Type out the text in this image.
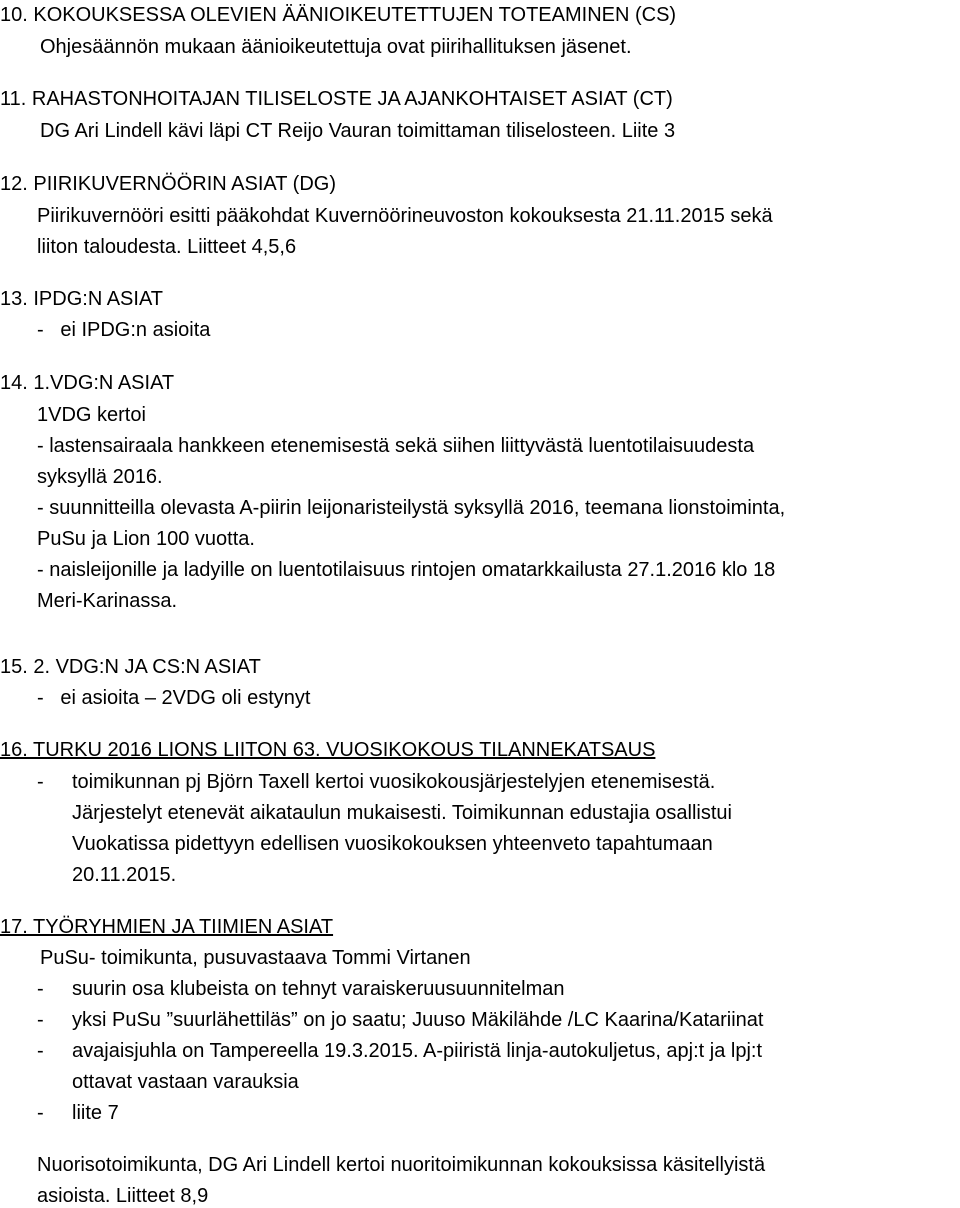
10. KOKOUKSESSA OLEVIEN ÄÄNIOIKEUTETTUJEN TOTEAMINEN (CS)
Ohjesäännön mukaan äänioikeutettuja ovat piirihallituksen jäsenet.
11. RAHASTONHOITAJAN TILISELOSTE JA AJANKOHTAISET ASIAT (CT)
DG Ari Lindell kävi läpi CT Reijo Vauran toimittaman tiliselosteen. Liite 3
12. PIIRIKUVERNÖÖRIN ASIAT (DG)
Piirikuvernööri esitti pääkohdat Kuvernöörineuvoston kokouksesta 21.11.2015 sekä
liiton taloudesta. Liitteet 4,5,6
13. IPDG:N ASIAT
-   ei IPDG:n asioita
14. 1.VDG:N ASIAT
1VDG kertoi
- lastensairaala hankkeen etenemisestä sekä siihen liittyvästä luentotilaisuudesta
syksyllä 2016.
- suunnitteilla olevasta A-piirin leijonaristeilystä syksyllä 2016, teemana lionstoiminta,
PuSu ja Lion 100 vuotta.
- naisleijonille ja ladyille on luentotilaisuus rintojen omatarkkailusta 27.1.2016 klo 18
Meri-Karinassa.
15. 2. VDG:N JA CS:N ASIAT
-   ei asioita – 2VDG oli estynyt
16. TURKU 2016 LIONS LIITON 63. VUOSIKOKOUS TILANNEKATSAUS
- toimikunnan pj Björn Taxell kertoi vuosikokousjärjestelyjen etenemisestä.
Järjestelyt etenevät aikataulun mukaisesti. Toimikunnan edustajia osallistui
Vuokatissa pidettyyn edellisen vuosikokouksen yhteenveto tapahtumaan
20.11.2015.
17. TYÖRYHMIEN JA TIIMIEN ASIAT
PuSu- toimikunta, pusuvastaava Tommi Virtanen
- suurin osa klubeista on tehnyt varaiskeruusuunnitelman
- yksi PuSu ”suurlähettiläs” on jo saatu; Juuso Mäkilähde /LC Kaarina/Katariinat
- avajaisjuhla on Tampereella 19.3.2015. A-piiristä linja-autokuljetus, apj:t ja lpj:t
ottavat vastaan varauksia
- liite 7
Nuorisotoimikunta, DG Ari Lindell kertoi nuoritoimikunnan kokouksissa käsitellyistä
asioista. Liitteet 8,9
